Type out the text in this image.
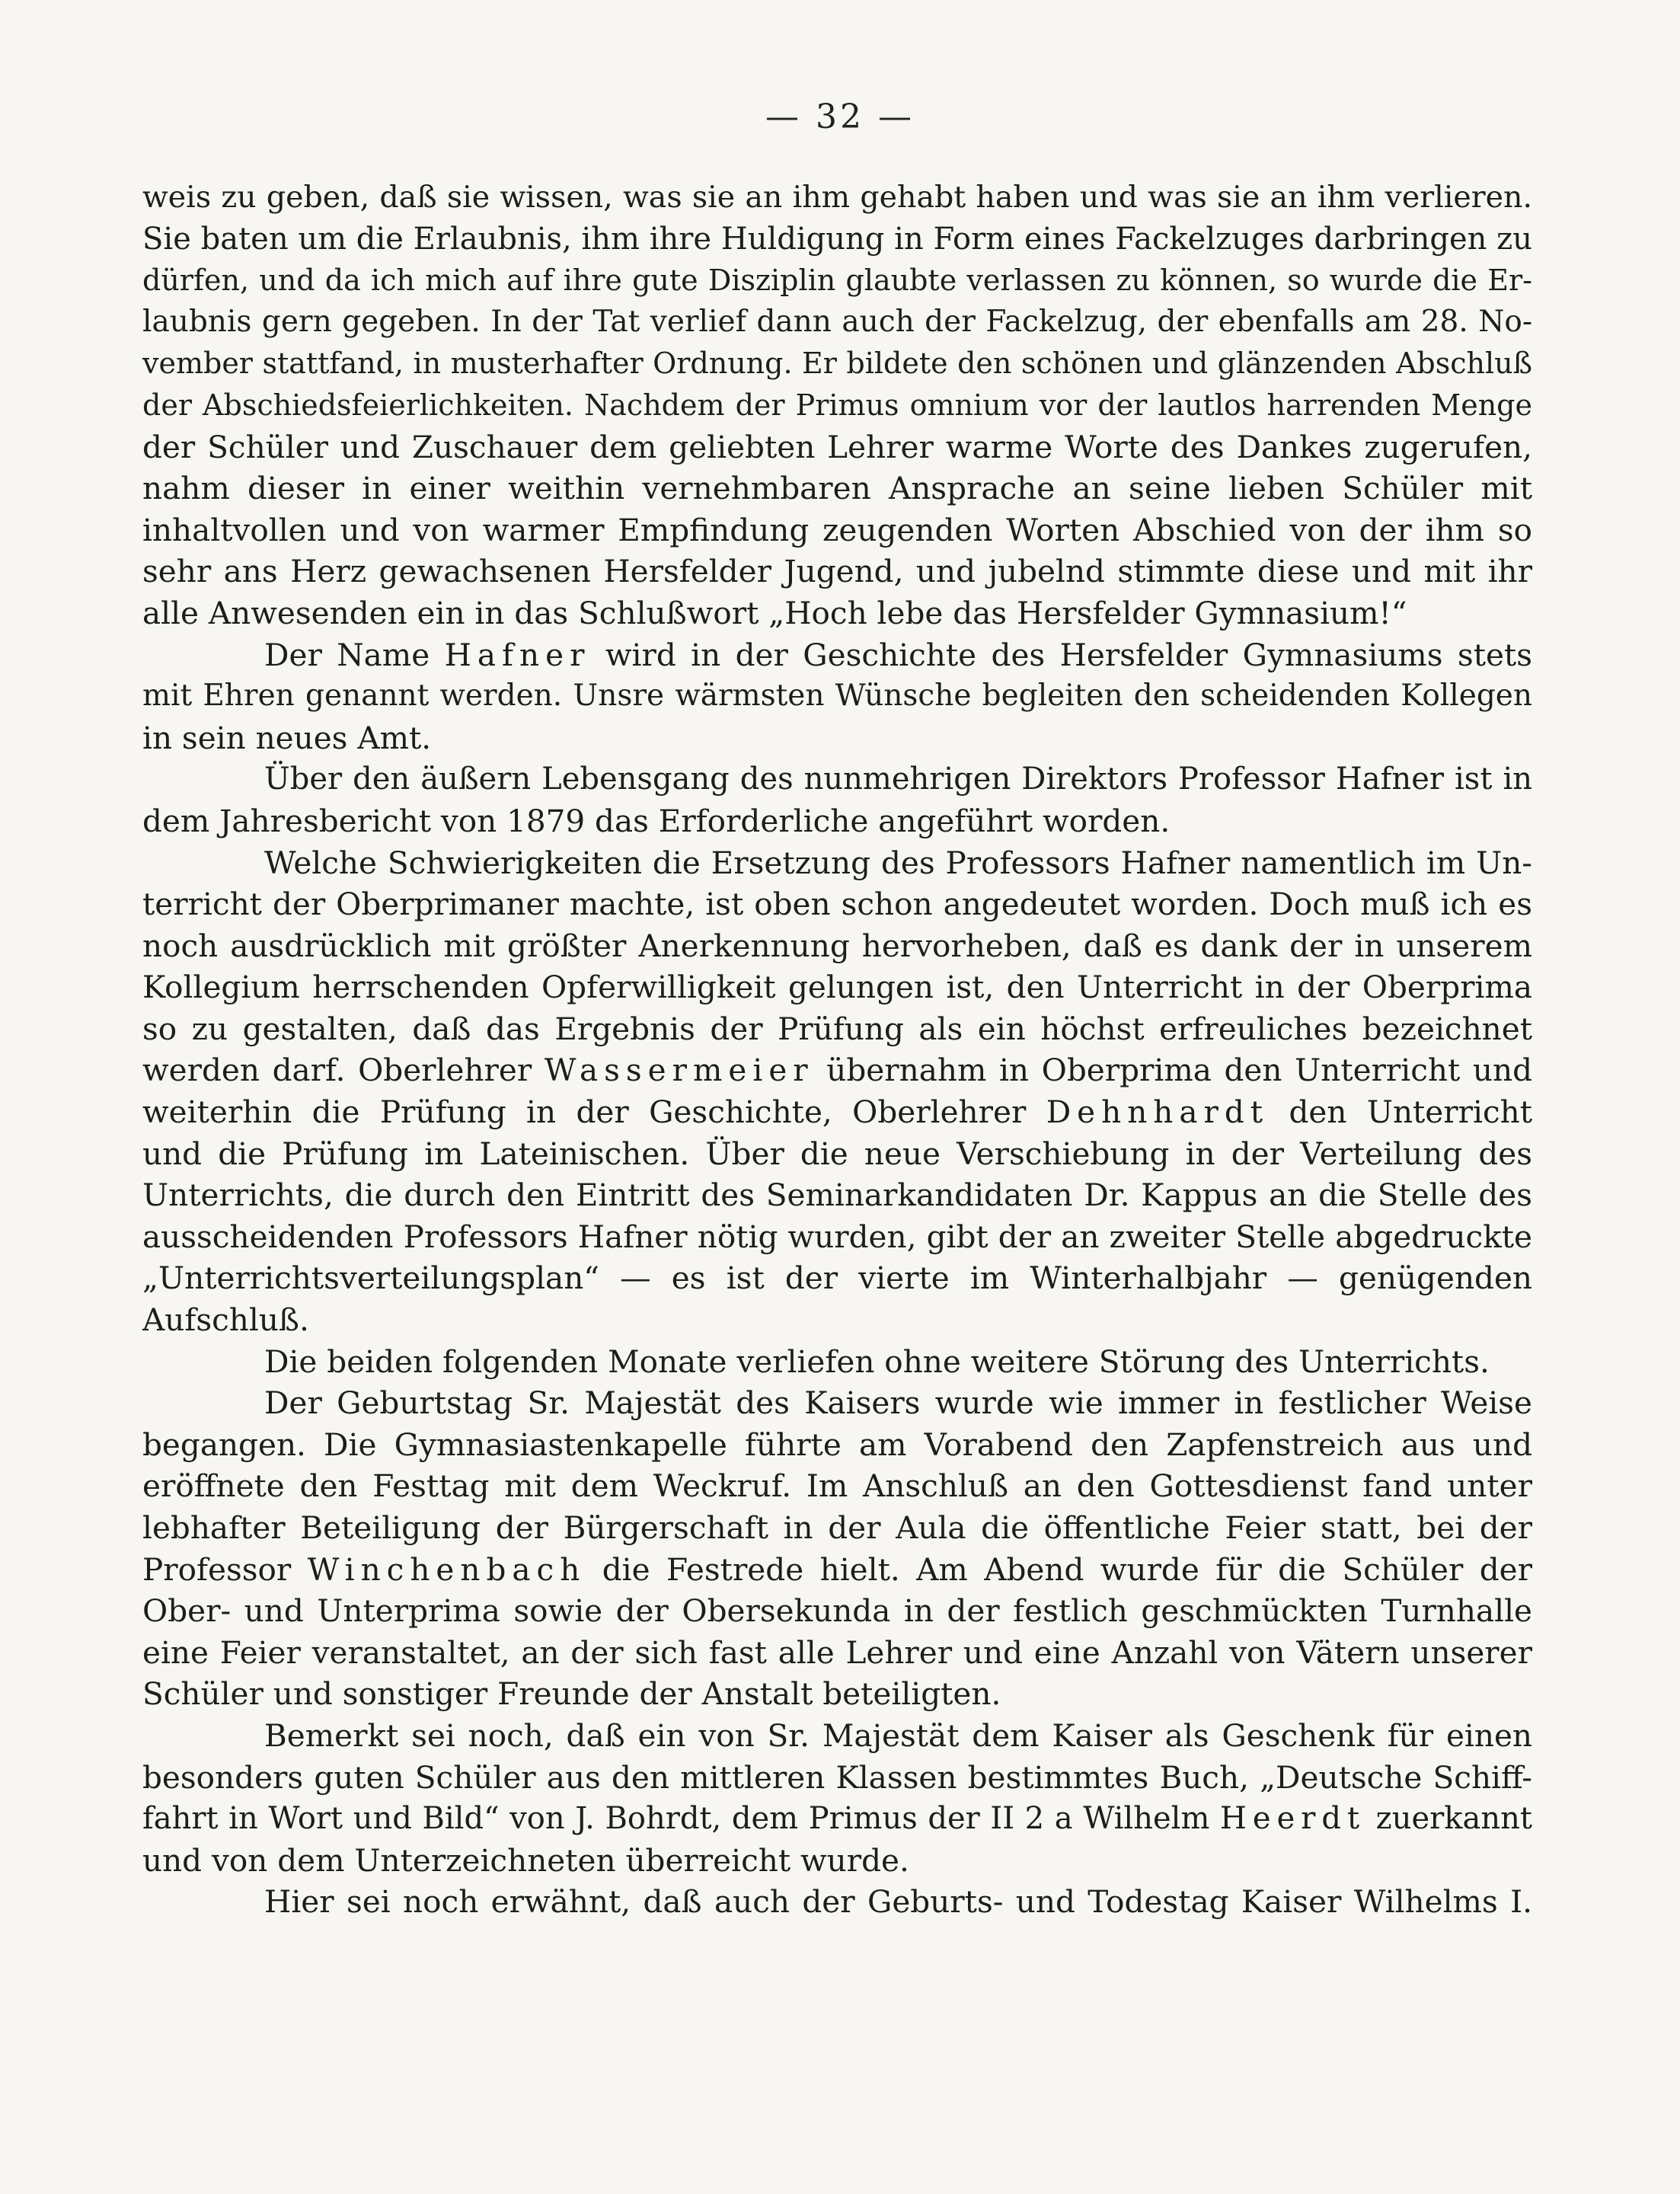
— 32 —
weis zu geben, daß sie wissen, was sie an ihm gehabt haben und was sie an ihm verlieren.
Sie baten um die Erlaubnis, ihm ihre Huldigung in Form eines Fackelzuges darbringen zu
dürfen, und da ich mich auf ihre gute Disziplin glaubte verlassen zu können, so wurde die Er-
laubnis gern gegeben. In der Tat verlief dann auch der Fackelzug, der ebenfalls am 28. No-
vember stattfand, in musterhafter Ordnung. Er bildete den schönen und glänzenden Abschluß
der Abschiedsfeierlichkeiten. Nachdem der Primus omnium vor der lautlos harrenden Menge
der Schüler und Zuschauer dem geliebten Lehrer warme Worte des Dankes zugerufen,
nahm dieser in einer weithin vernehmbaren Ansprache an seine lieben Schüler mit
inhaltvollen und von warmer Empfindung zeugenden Worten Abschied von der ihm so
sehr ans Herz gewachsenen Hersfelder Jugend, und jubelnd stimmte diese und mit ihr
alle Anwesenden ein in das Schlußwort „Hoch lebe das Hersfelder Gymnasium!“
Der Name Hafner wird in der Geschichte des Hersfelder Gymnasiums stets
mit Ehren genannt werden. Unsre wärmsten Wünsche begleiten den scheidenden Kollegen
in sein neues Amt.
Über den äußern Lebensgang des nunmehrigen Direktors Professor Hafner ist in
dem Jahresbericht von 1879 das Erforderliche angeführt worden.
Welche Schwierigkeiten die Ersetzung des Professors Hafner namentlich im Un-
terricht der Oberprimaner machte, ist oben schon angedeutet worden. Doch muß ich es
noch ausdrücklich mit größter Anerkennung hervorheben, daß es dank der in unserem
Kollegium herrschenden Opferwilligkeit gelungen ist, den Unterricht in der Oberprima
so zu gestalten, daß das Ergebnis der Prüfung als ein höchst erfreuliches bezeichnet
werden darf. Oberlehrer Wassermeier übernahm in Oberprima den Unterricht und
weiterhin die Prüfung in der Geschichte, Oberlehrer Dehnhardt den Unterricht
und die Prüfung im Lateinischen. Über die neue Verschiebung in der Verteilung des
Unterrichts, die durch den Eintritt des Seminarkandidaten Dr. Kappus an die Stelle des
ausscheidenden Professors Hafner nötig wurden, gibt der an zweiter Stelle abgedruckte
„Unterrichtsverteilungsplan“ — es ist der vierte im Winterhalbjahr — genügenden
Aufschluß.
Die beiden folgenden Monate verliefen ohne weitere Störung des Unterrichts.
Der Geburtstag Sr. Majestät des Kaisers wurde wie immer in festlicher Weise
begangen. Die Gymnasiastenkapelle führte am Vorabend den Zapfenstreich aus und
eröffnete den Festtag mit dem Weckruf. Im Anschluß an den Gottesdienst fand unter
lebhafter Beteiligung der Bürgerschaft in der Aula die öffentliche Feier statt, bei der
Professor Winchenbach die Festrede hielt. Am Abend wurde für die Schüler der
Ober- und Unterprima sowie der Obersekunda in der festlich geschmückten Turnhalle
eine Feier veranstaltet, an der sich fast alle Lehrer und eine Anzahl von Vätern unserer
Schüler und sonstiger Freunde der Anstalt beteiligten.
Bemerkt sei noch, daß ein von Sr. Majestät dem Kaiser als Geschenk für einen
besonders guten Schüler aus den mittleren Klassen bestimmtes Buch, „Deutsche Schiff-
fahrt in Wort und Bild“ von J. Bohrdt, dem Primus der II 2 a Wilhelm Heerdt zuerkannt
und von dem Unterzeichneten überreicht wurde.
Hier sei noch erwähnt, daß auch der Geburts- und Todestag Kaiser Wilhelms I.
